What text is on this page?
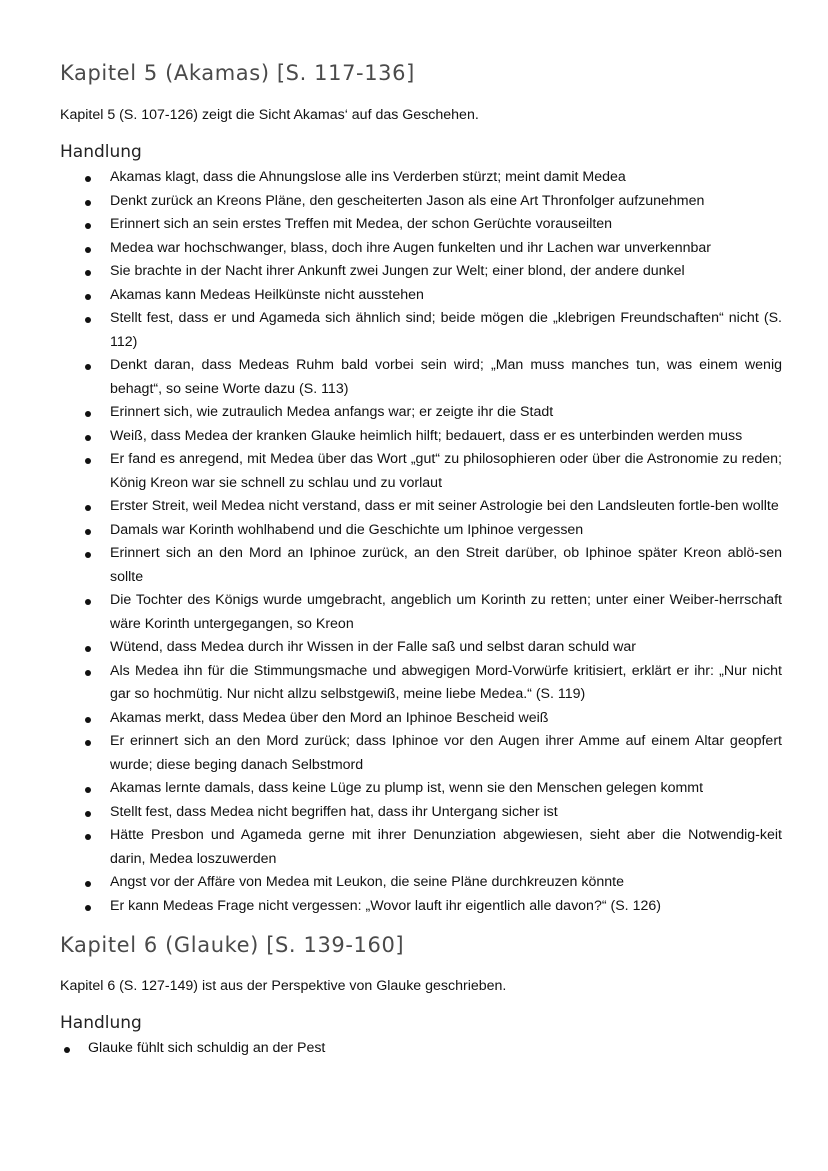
Kapitel 5 (Akamas) [S. 117-136]

Kapitel 5 (S. 107-126) zeigt die Sicht Akamas‘ auf das Geschehen.

Handlung
Akamas klagt, dass die Ahnungslose alle ins Verderben stürzt; meint damit Medea
Denkt zurück an Kreons Pläne, den gescheiterten Jason als eine Art Thronfolger aufzunehmen
Erinnert sich an sein erstes Treffen mit Medea, der schon Gerüchte vorauseilten
Medea war hochschwanger, blass, doch ihre Augen funkelten und ihr Lachen war unverkennbar
Sie brachte in der Nacht ihrer Ankunft zwei Jungen zur Welt; einer blond, der andere dunkel
Akamas kann Medeas Heilkünste nicht ausstehen
Stellt fest, dass er und Agameda sich ähnlich sind; beide mögen die „klebrigen Freundschaften“ nicht (S. 112)
Denkt daran, dass Medeas Ruhm bald vorbei sein wird; „Man muss manches tun, was einem wenig behagt“, so seine Worte dazu (S. 113)
Erinnert sich, wie zutraulich Medea anfangs war; er zeigte ihr die Stadt
Weiß, dass Medea der kranken Glauke heimlich hilft; bedauert, dass er es unterbinden werden muss
Er fand es anregend, mit Medea über das Wort „gut“ zu philosophieren oder über die Astronomie zu reden; König Kreon war sie schnell zu schlau und zu vorlaut
Erster Streit, weil Medea nicht verstand, dass er mit seiner Astrologie bei den Landsleuten fortle-ben wollte
Damals war Korinth wohlhabend und die Geschichte um Iphinoe vergessen
Erinnert sich an den Mord an Iphinoe zurück, an den Streit darüber, ob Iphinoe später Kreon ablö-sen sollte
Die Tochter des Königs wurde umgebracht, angeblich um Korinth zu retten; unter einer Weiber-herrschaft wäre Korinth untergegangen, so Kreon
Wütend, dass Medea durch ihr Wissen in der Falle saß und selbst daran schuld war
Als Medea ihn für die Stimmungsmache und abwegigen Mord-Vorwürfe kritisiert, erklärt er ihr: „Nur nicht gar so hochmütig. Nur nicht allzu selbstgewiß, meine liebe Medea.“ (S. 119)
Akamas merkt, dass Medea über den Mord an Iphinoe Bescheid weiß
Er erinnert sich an den Mord zurück; dass Iphinoe vor den Augen ihrer Amme auf einem Altar geopfert wurde; diese beging danach Selbstmord
Akamas lernte damals, dass keine Lüge zu plump ist, wenn sie den Menschen gelegen kommt
Stellt fest, dass Medea nicht begriffen hat, dass ihr Untergang sicher ist
Hätte Presbon und Agameda gerne mit ihrer Denunziation abgewiesen, sieht aber die Notwendig-keit darin, Medea loszuwerden
Angst vor der Affäre von Medea mit Leukon, die seine Pläne durchkreuzen könnte
Er kann Medeas Frage nicht vergessen: „Wovor lauft ihr eigentlich alle davon?“ (S. 126)
Kapitel 6 (Glauke) [S. 139-160]

Kapitel 6 (S. 127-149) ist aus der Perspektive von Glauke geschrieben.

Handlung
Glauke fühlt sich schuldig an der Pest
